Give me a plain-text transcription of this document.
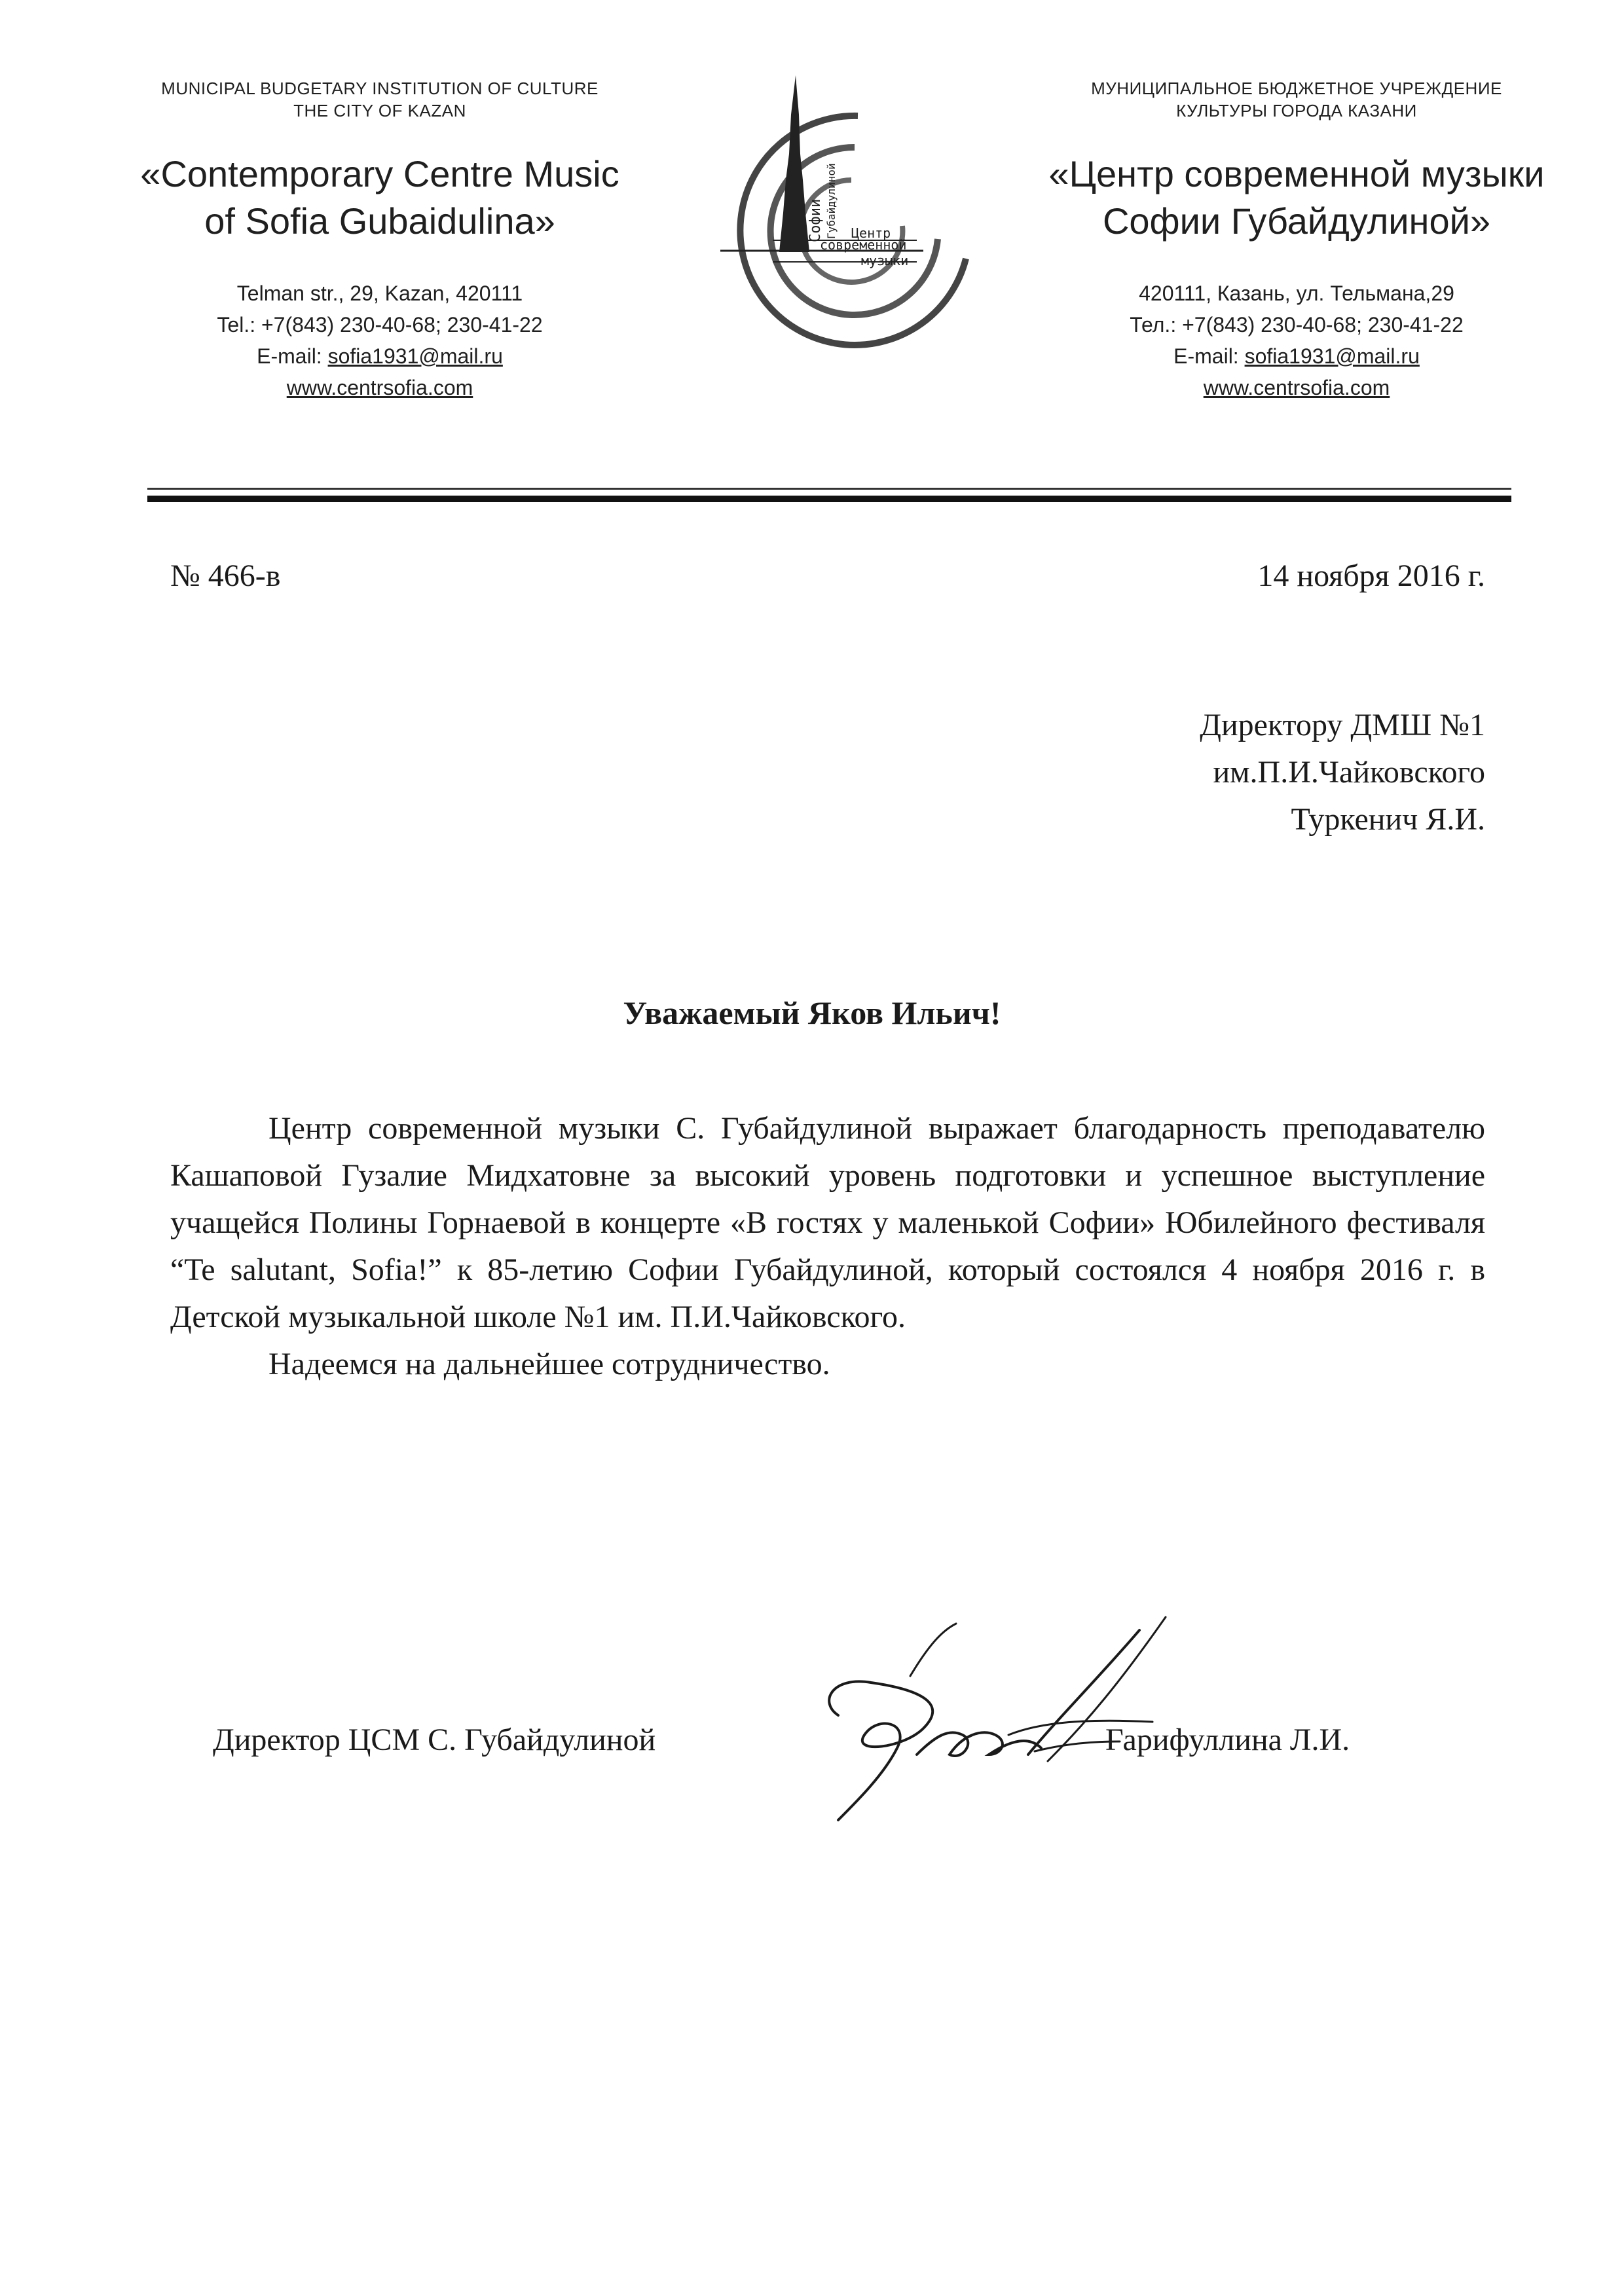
MUNICIPAL BUDGETARY INSTITUTION OF CULTURE
THE CITY OF KAZAN
«Contemporary Centre Music
of Sofia Gubaidulina»
Telman str., 29, Kazan, 420111
Tel.: +7(843) 230-40-68; 230-41-22
E-mail: sofia1931@mail.ru
www.centrsofia.com
Софии Губайдулиной Центр
современной
музыки
МУНИЦИПАЛЬНОЕ БЮДЖЕТНОЕ УЧРЕЖДЕНИЕ
КУЛЬТУРЫ ГОРОДА КАЗАНИ
«Центр современной музыки
Софии Губайдулиной»
420111, Казань, ул. Тельмана,29
Тел.: +7(843) 230-40-68; 230-41-22
E-mail: sofia1931@mail.ru
www.centrsofia.com
№ 466-в	14 ноября 2016 г.
Директору ДМШ №1
им.П.И.Чайковского
Туркенич Я.И.
Уважаемый Яков Ильич!

Центр современной музыки С. Губайдулиной выражает благодарность преподавателю Кашаповой Гузалие Мидхатовне за высокий уровень подготовки и успешное выступление учащейся Полины Горнаевой в концерте «В гостях у маленькой Софии» Юбилейного фестиваля “Te salutant, Sofia!” к 85-летию Софии Губайдулиной, который состоялся 4 ноября 2016 г. в Детской музыкальной школе №1 им. П.И.Чайковского.

Надеемся на дальнейшее сотрудничество.

Директор ЦСМ С. Губайдулиной	Гарифуллина Л.И.
